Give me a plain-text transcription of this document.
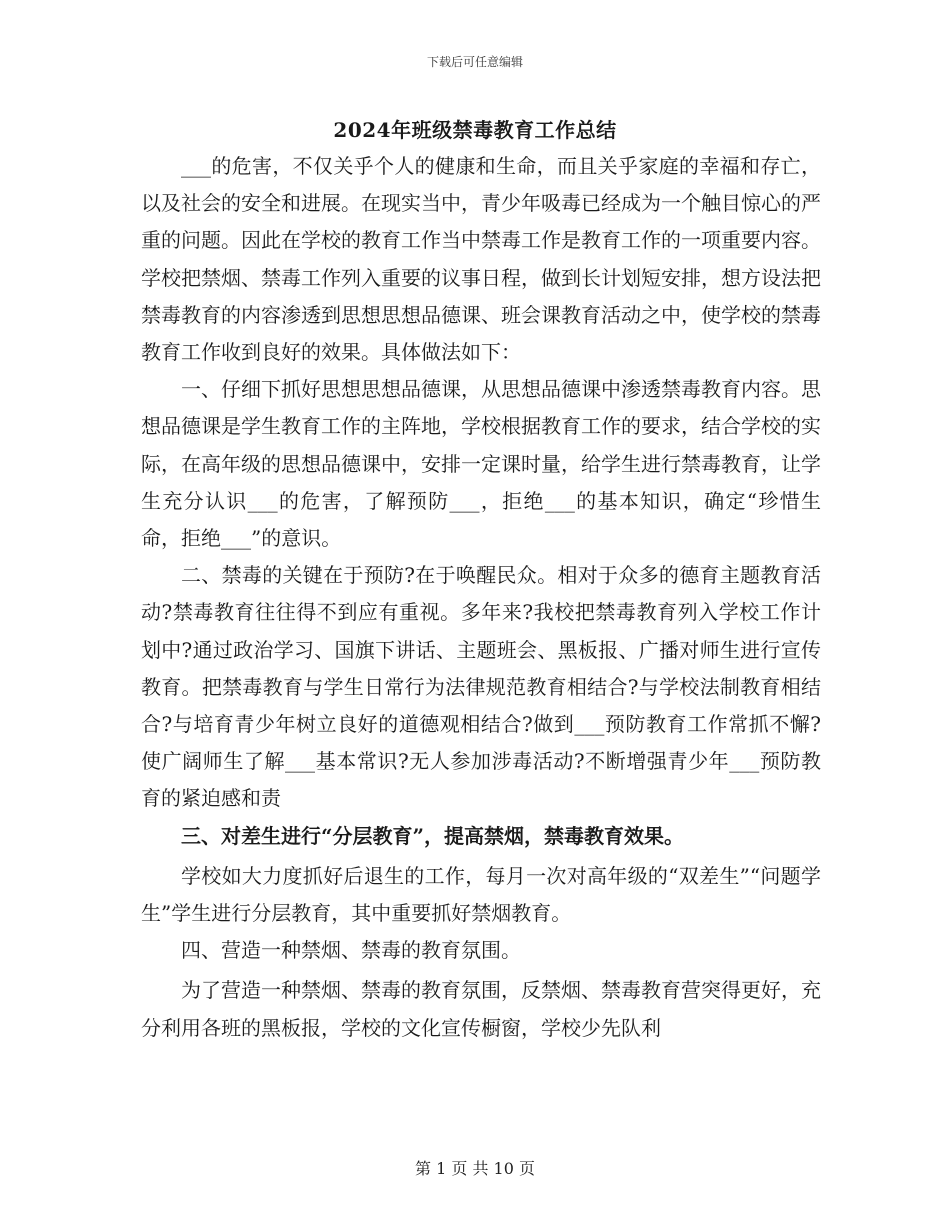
下载后可任意编辑
2024年班级禁毒教育工作总结

___的危害，不仅关乎个人的健康和生命，而且关乎家庭的幸福和存亡，以及社会的安全和进展。在现实当中，青少年吸毒已经成为一个触目惊心的严重的问题。因此在学校的教育工作当中禁毒工作是教育工作的一项重要内容。学校把禁烟、禁毒工作列入重要的议事日程，做到长计划短安排，想方设法把禁毒教育的内容渗透到思想思想品德课、班会课教育活动之中，使学校的禁毒教育工作收到良好的效果。具体做法如下：

一、仔细下抓好思想思想品德课，从思想品德课中渗透禁毒教育内容。思想品德课是学生教育工作的主阵地，学校根据教育工作的要求，结合学校的实际，在高年级的思想品德课中，安排一定课时量，给学生进行禁毒教育，让学生充分认识___的危害，了解预防___，拒绝___的基本知识，确定“珍惜生命，拒绝___”的意识。

二、禁毒的关键在于预防?在于唤醒民众。相对于众多的德育主题教育活动?禁毒教育往往得不到应有重视。多年来?我校把禁毒教育列入学校工作计划中?通过政治学习、国旗下讲话、主题班会、黑板报、广播对师生进行宣传教育。把禁毒教育与学生日常行为法律规范教育相结合?与学校法制教育相结合?与培育青少年树立良好的道德观相结合?做到___预防教育工作常抓不懈?使广阔师生了解___基本常识?无人参加涉毒活动?不断增强青少年___预防教育的紧迫感和责

三、对差生进行“分层教育”，提高禁烟，禁毒教育效果。

学校如大力度抓好后退生的工作，每月一次对高年级的“双差生”“问题学生”学生进行分层教育，其中重要抓好禁烟教育。

四、营造一种禁烟、禁毒的教育氛围。

为了营造一种禁烟、禁毒的教育氛围，反禁烟、禁毒教育营突得更好，充分利用各班的黑板报，学校的文化宣传橱窗，学校少先队利

第 1 页 共 10 页
